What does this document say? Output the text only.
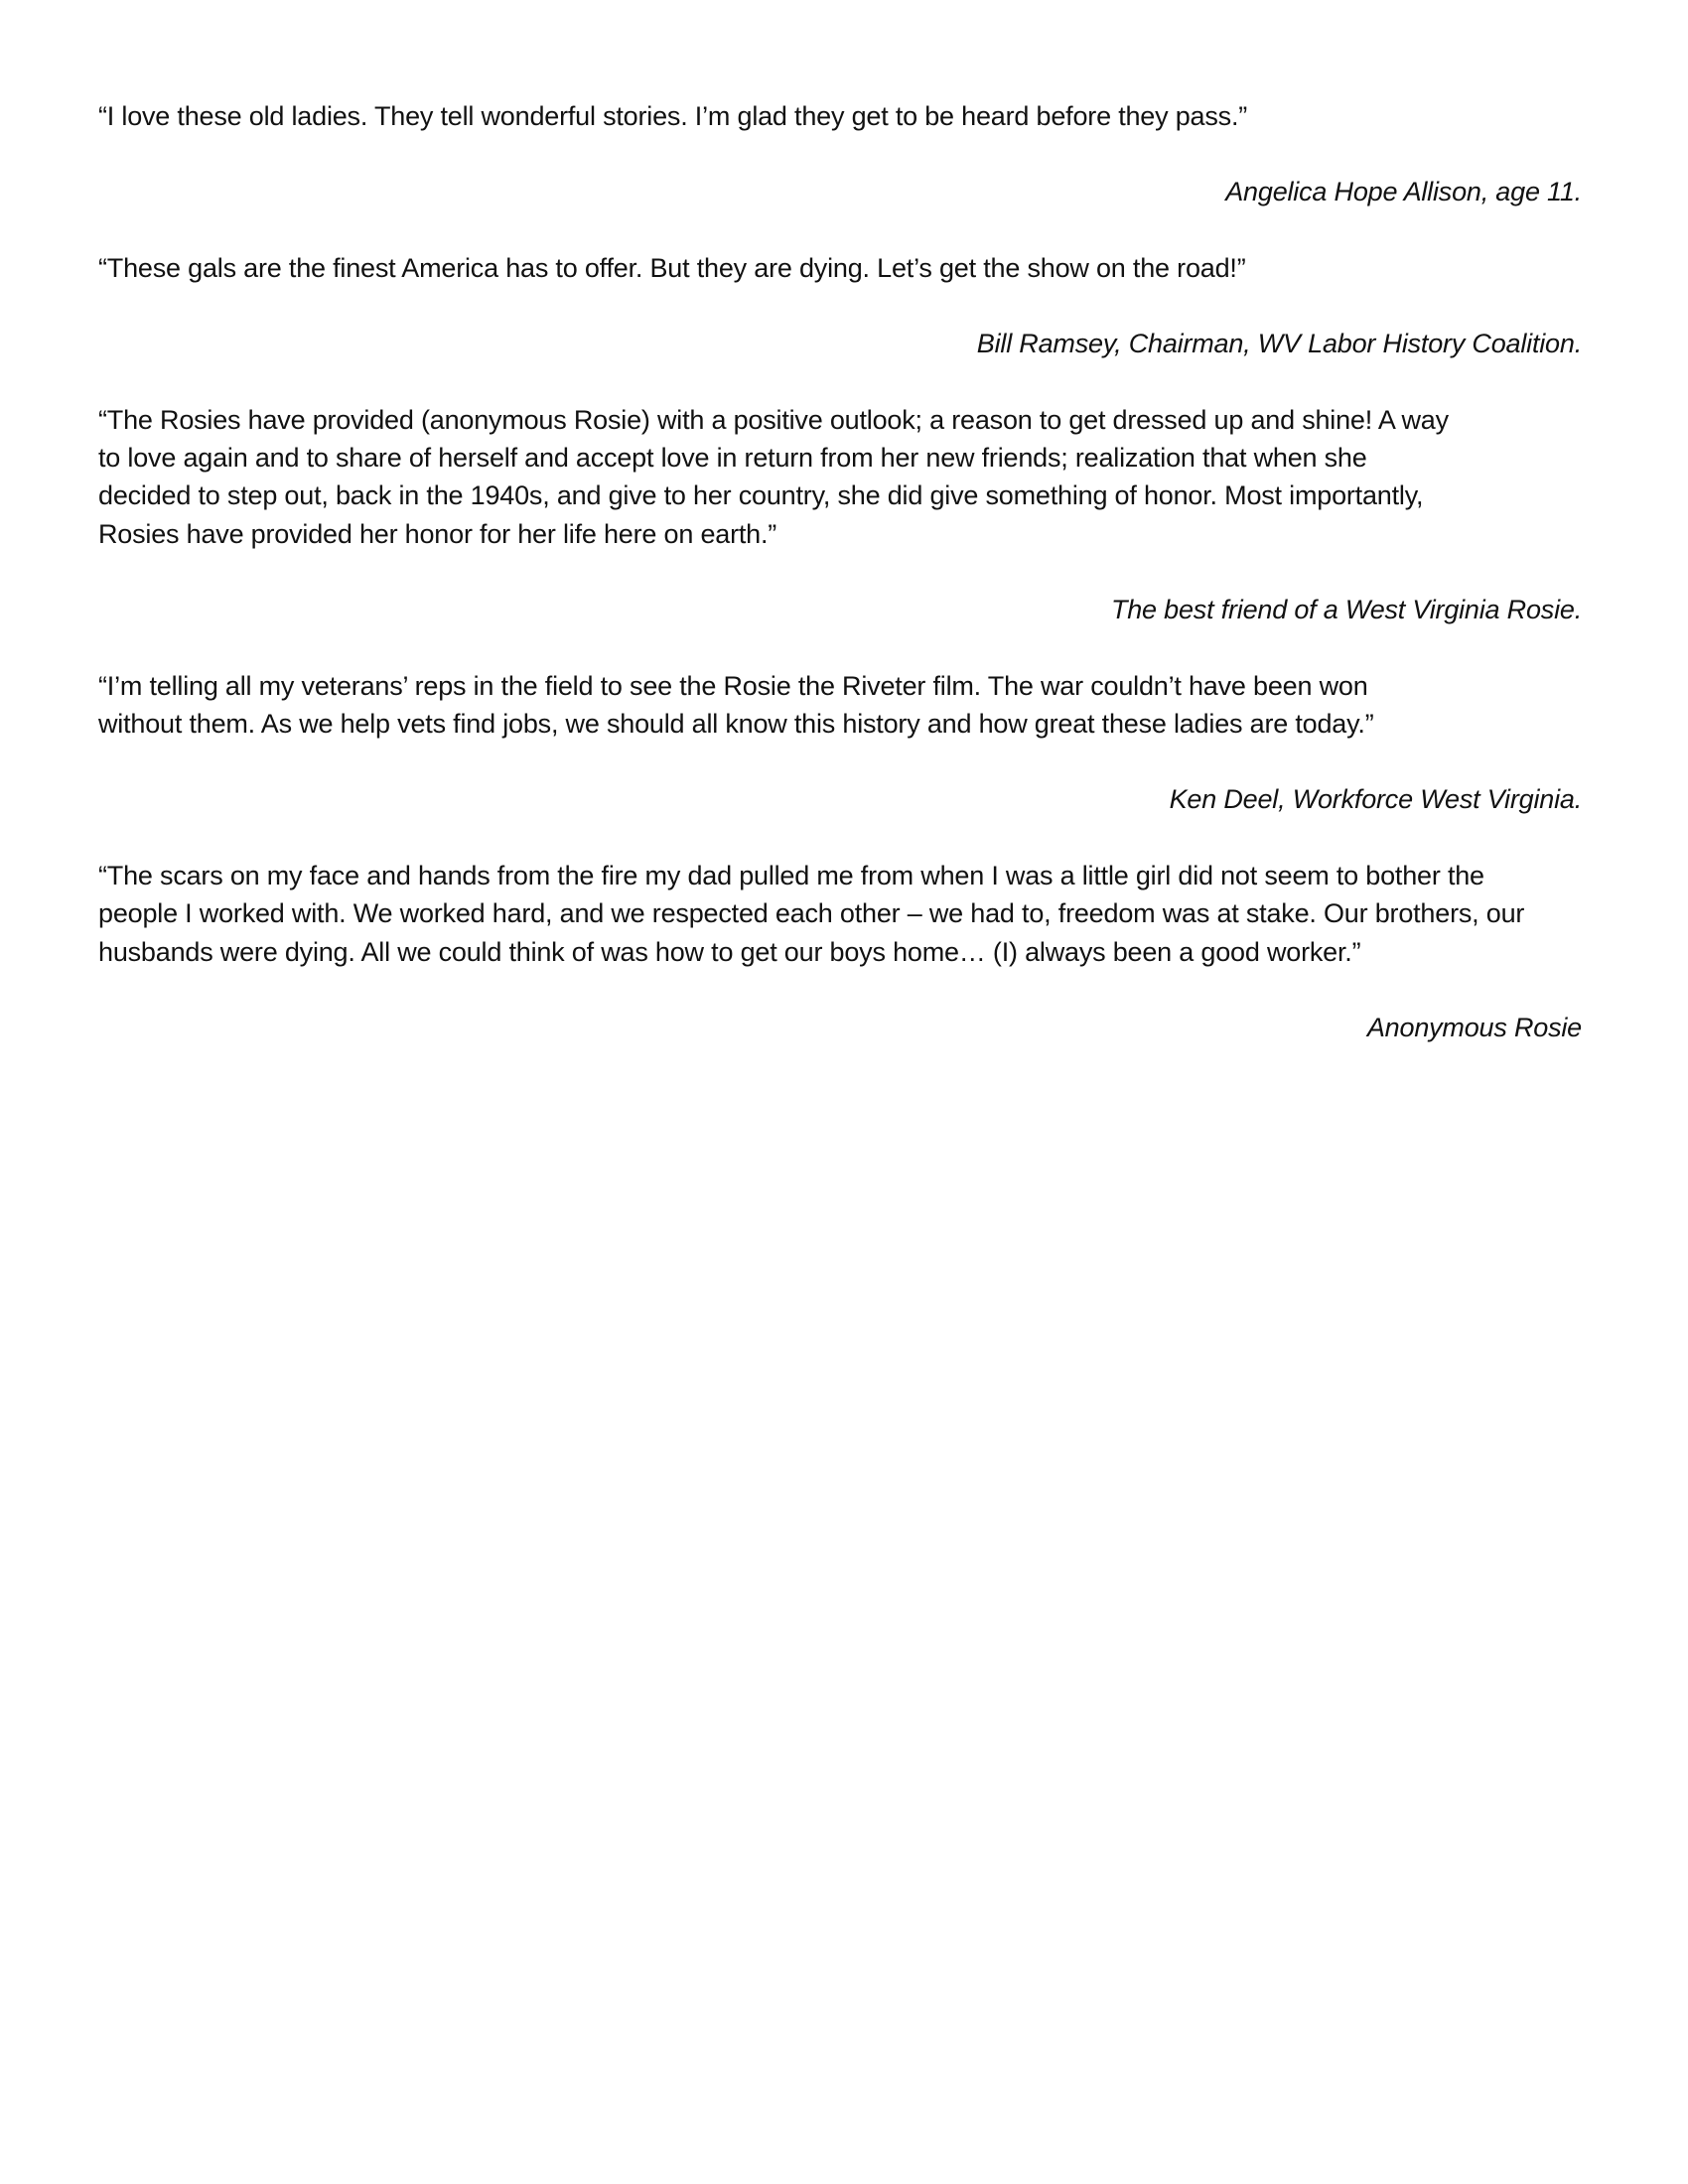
“I love these old ladies. They tell wonderful stories. I’m glad they get to be heard before they pass.”

Angelica Hope Allison, age 11.

“These gals are the finest America has to offer. But they are dying. Let’s get the show on the road!”

Bill Ramsey, Chairman, WV Labor History Coalition.

“The Rosies have provided (anonymous Rosie) with a positive outlook; a reason to get dressed up and shine! A way
to love again and to share of herself and accept love in return from her new friends; realization that when she
decided to step out, back in the 1940s, and give to her country, she did give something of honor. Most importantly,
Rosies have provided her honor for her life here on earth.”

The best friend of a West Virginia Rosie.

“I’m telling all my veterans’ reps in the field to see the Rosie the Riveter film. The war couldn’t have been won
without them. As we help vets find jobs, we should all know this history and how great these ladies are today.”

Ken Deel, Workforce West Virginia.

“The scars on my face and hands from the fire my dad pulled me from when I was a little girl did not seem to bother the
people I worked with. We worked hard, and we respected each other – we had to, freedom was at stake. Our brothers, our
husbands were dying. All we could think of was how to get our boys home… (I) always been a good worker.”

Anonymous Rosie
